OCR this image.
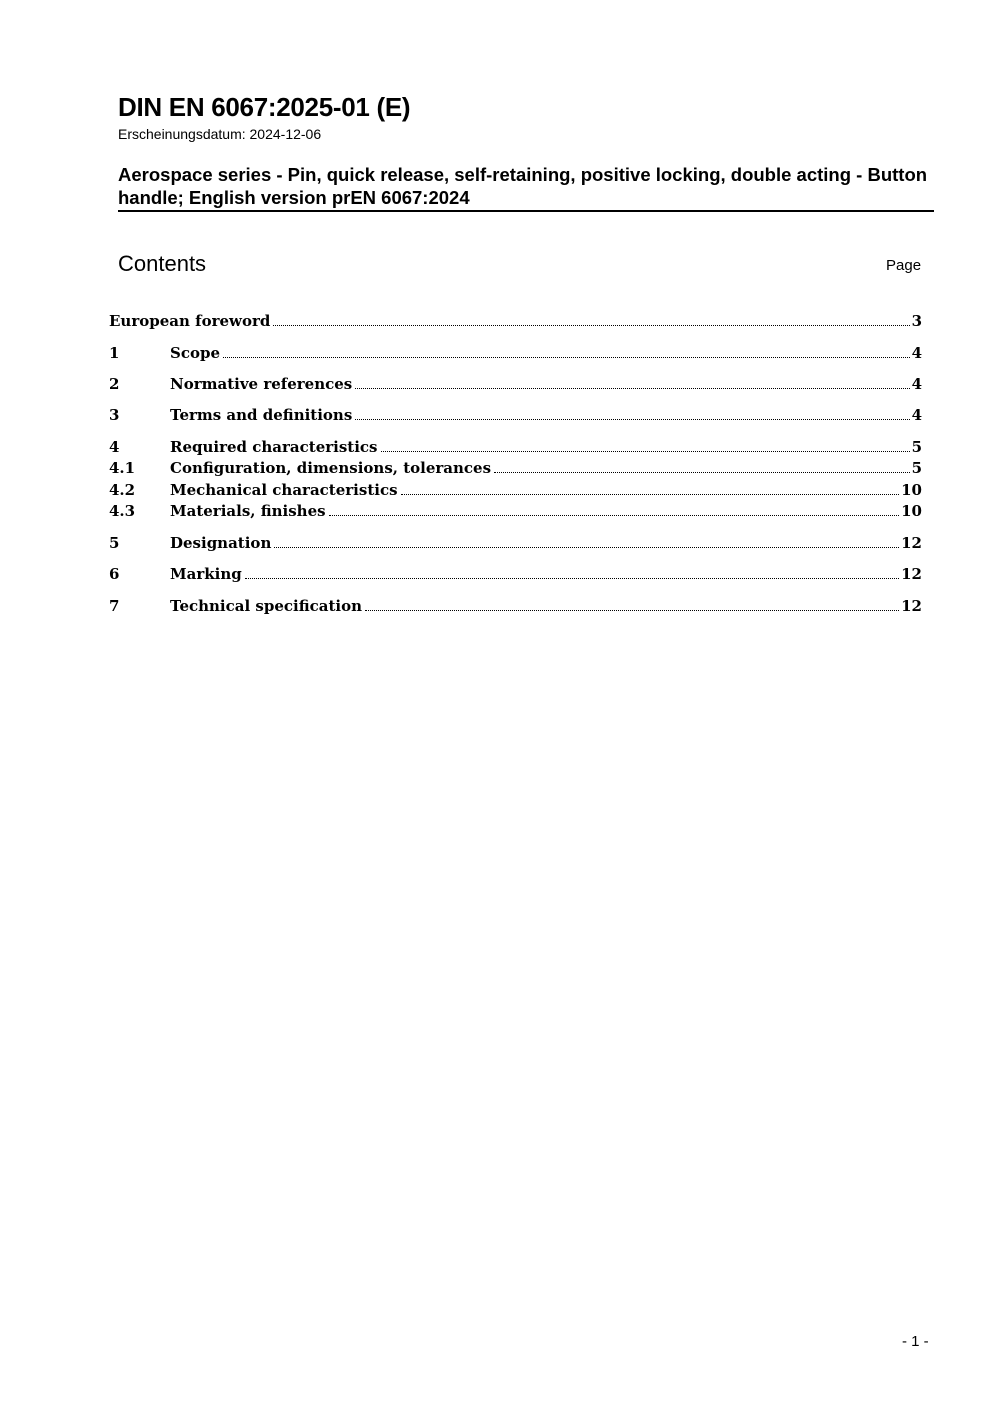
DIN EN 6067:2025-01 (E)
Erscheinungsdatum: 2024-12-06
Aerospace series - Pin, quick release, self-retaining, positive locking, double acting - Button handle; English version prEN 6067:2024
Contents	Page
European foreword	3
1	Scope	4
2	Normative references	4
3	Terms and definitions	4
4	Required characteristics	5
4.1	Configuration, dimensions, tolerances	5
4.2	Mechanical characteristics	10
4.3	Materials, finishes	10
5	Designation	12
6	Marking	12
7	Technical specification	12
- 1 -
